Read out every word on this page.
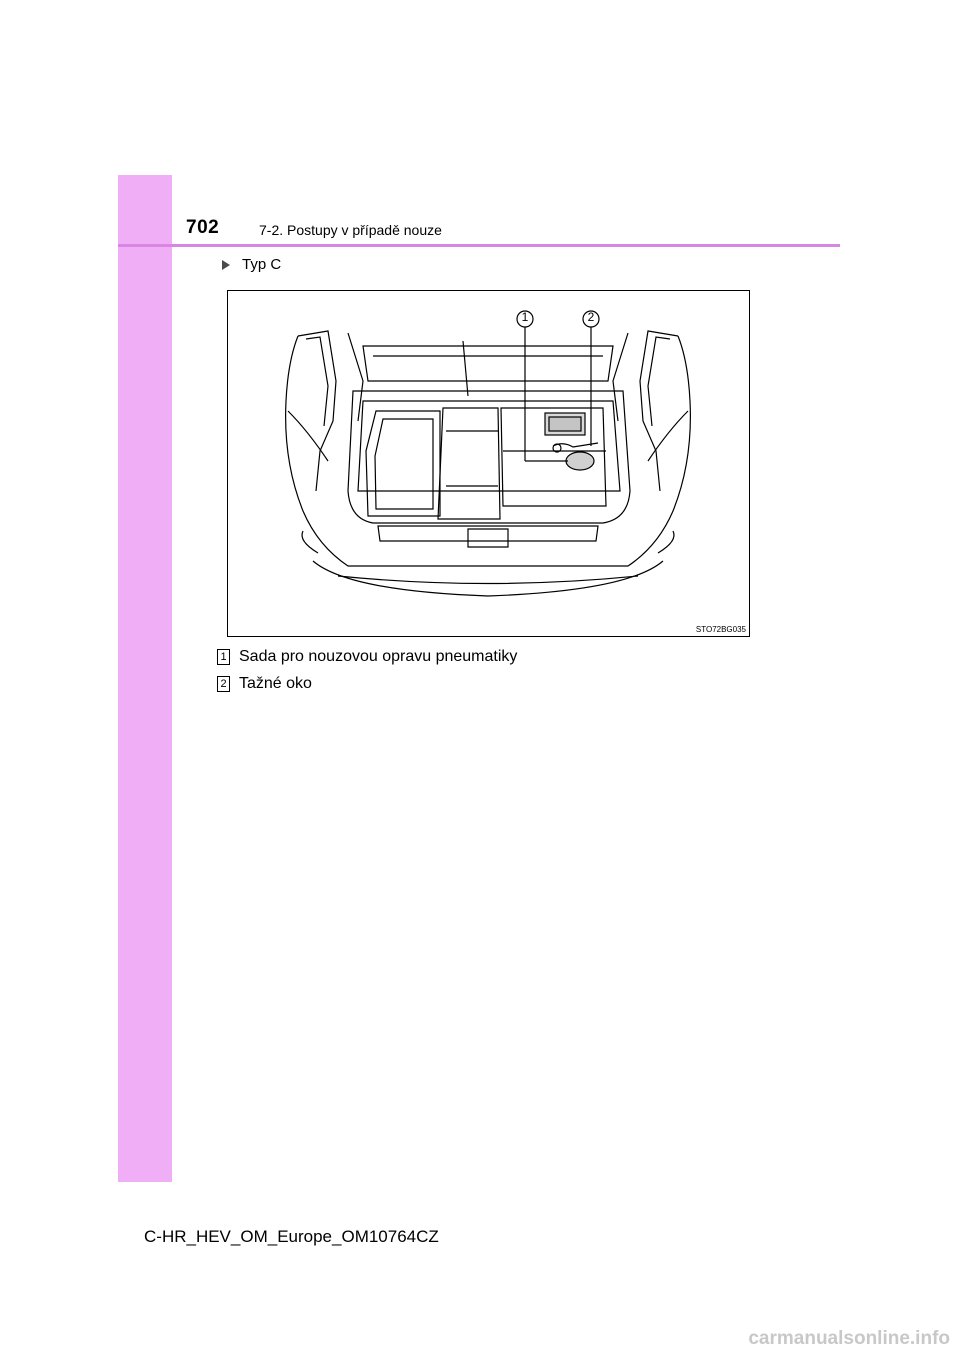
702	7-2. Postupy v případě nouze
Typ C
1	2
STO72BG035
1 Sada pro nouzovou opravu pneumatiky
2 Tažné oko
C-HR_HEV_OM_Europe_OM10764CZ
carmanualsonline.info
